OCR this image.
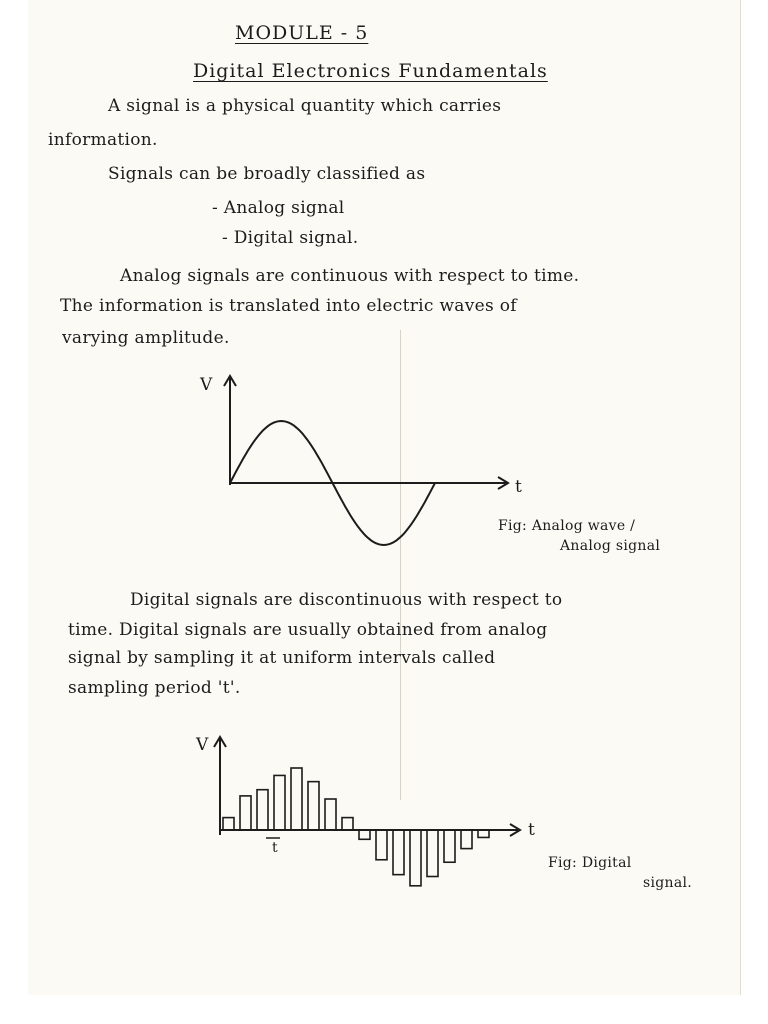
MODULE - 5
Digital Electronics Fundamentals
A signal is a physical quantity which carries
information.
Signals can be broadly classified as
- Analog signal
- Digital signal.
Analog signals are continuous with respect to time.
The information is translated into electric waves of
varying amplitude.
V
t
Fig: Analog wave /
Analog signal
Digital signals are discontinuous with respect to
time. Digital signals are usually obtained from analog
signal by sampling it at uniform intervals called
sampling period 't'.
V
t
t
Fig: Digital
signal.
